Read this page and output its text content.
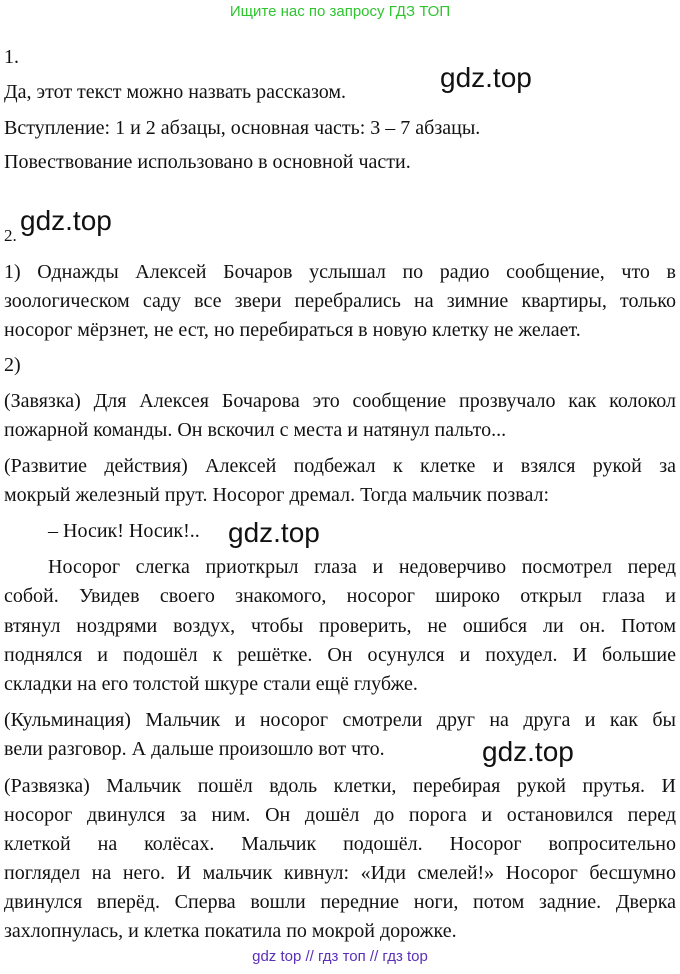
Ищите нас по запросу ГДЗ ТОП
1.
Да, этот текст можно назвать рассказом.
Вступление: 1 и 2 абзацы, основная часть: 3 – 7 абзацы.
Повествование использовано в основной части.
2.
1) Однажды Алексей Бочаров услышал по радио сообщение, что в
зоологическом саду все звери перебрались на зимние квартиры, только
носорог мёрзнет, не ест, но перебираться в новую клетку не желает.
2)
(Завязка) Для Алексея Бочарова это сообщение прозвучало как колокол
пожарной команды. Он вскочил с места и натянул пальто...
(Развитие действия) Алексей подбежал к клетке и взялся рукой за
мокрый железный прут. Носорог дремал. Тогда мальчик позвал:
– Носик! Носик!..
Носорог слегка приоткрыл глаза и недоверчиво посмотрел перед
собой. Увидев своего знакомого, носорог широко открыл глаза и
втянул ноздрями воздух, чтобы проверить, не ошибся ли он. Потом
поднялся и подошёл к решётке. Он осунулся и похудел. И большие
складки на его толстой шкуре стали ещё глубже.
(Кульминация) Мальчик и носорог смотрели друг на друга и как бы
вели разговор. А дальше произошло вот что.
(Развязка) Мальчик пошёл вдоль клетки, перебирая рукой прутья. И
носорог двинулся за ним. Он дошёл до порога и остановился перед
клеткой на колёсах. Мальчик подошёл. Носорог вопросительно
поглядел на него. И мальчик кивнул: «Иди смелей!» Носорог бесшумно
двинулся вперёд. Сперва вошли передние ноги, потом задние. Дверка
захлопнулась, и клетка покатила по мокрой дорожке.
gdz.top
gdz.top
gdz.top
gdz.top
gdz top // гдз топ // гдз top
